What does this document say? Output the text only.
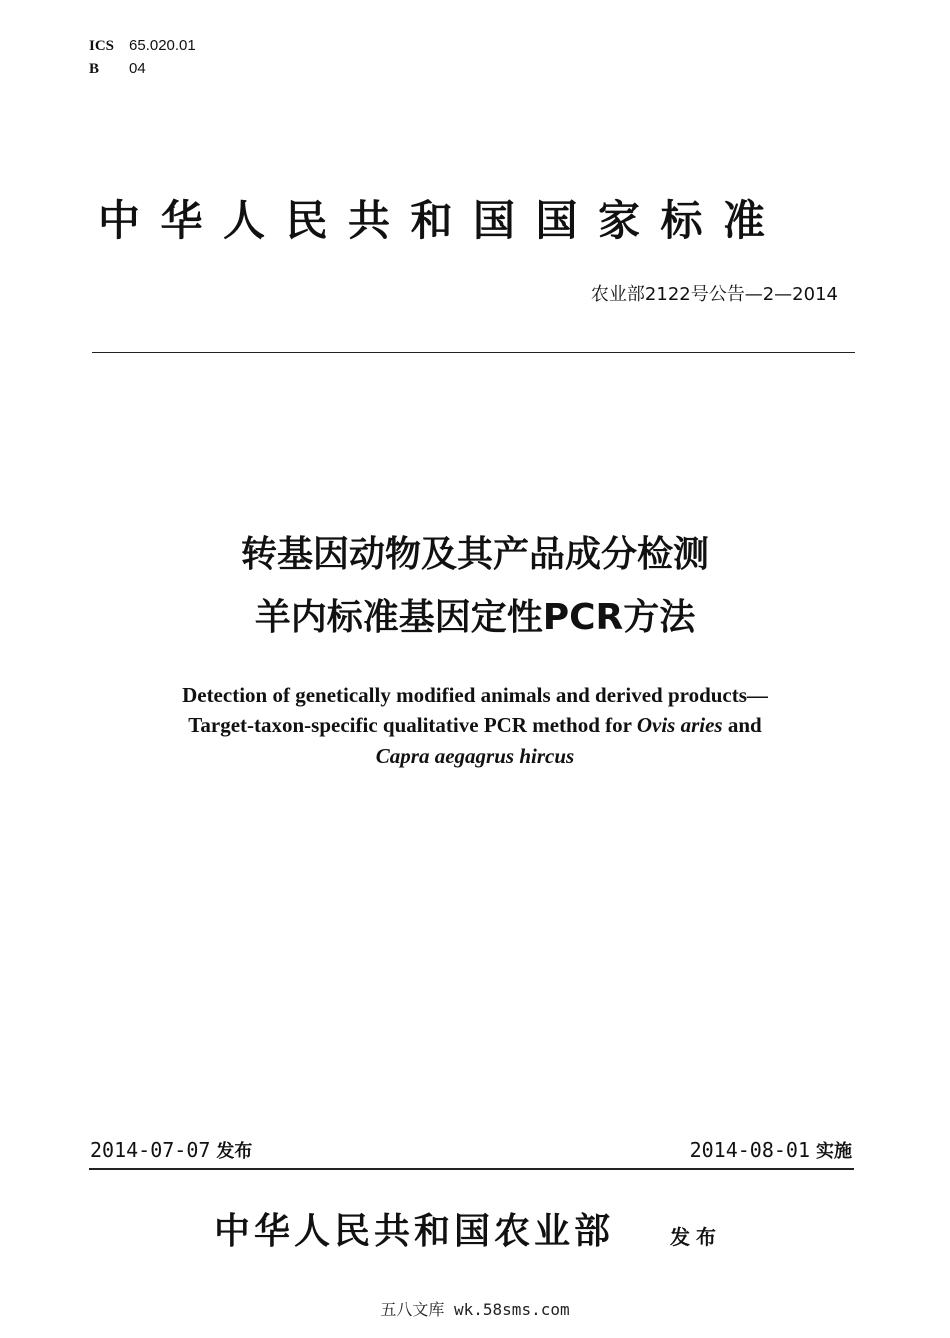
ICS 65.020.01
B 04
中华人民共和国国家标准
农业部2122号公告—2—2014
转基因动物及其产品成分检测
羊内标准基因定性PCR方法
Detection of genetically modified animals and derived products—
Target-taxon-specific qualitative PCR method for Ovis aries and
Capra aegagrus hircus
2014-07-07 发布	2014-08-01 实施
中华人民共和国农业部	发布
五八文库 wk.58sms.com
